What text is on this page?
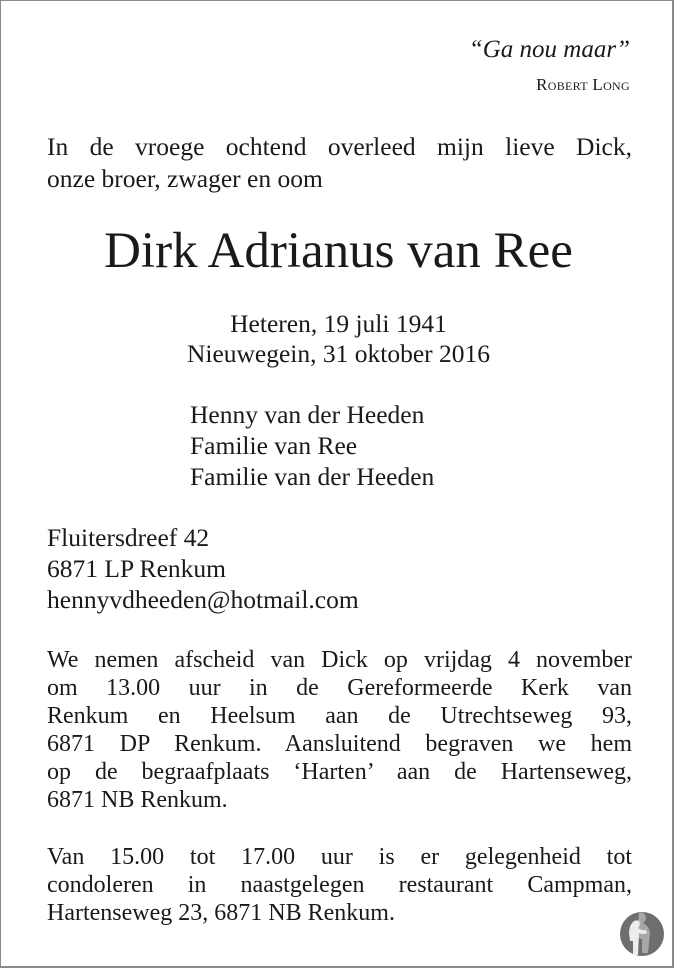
“Ga nou maar”
Robert Long
In de vroege ochtend overleed mijn lieve Dick,
onze broer, zwager en oom
Dirk Adrianus van Ree
Heteren, 19 juli 1941
Nieuwegein, 31 oktober 2016
Henny van der Heeden
Familie van Ree
Familie van der Heeden
Fluitersdreef 42
6871 LP Renkum
hennyvdheeden@hotmail.com
We nemen afscheid van Dick op vrijdag 4 november
om 13.00 uur in de Gereformeerde Kerk van
Renkum en Heelsum aan de Utrechtseweg 93,
6871 DP Renkum. Aansluitend begraven we hem
op de begraafplaats ‘Harten’ aan de Hartenseweg,
6871 NB Renkum.
Van 15.00 tot 17.00 uur is er gelegenheid tot
condoleren in naastgelegen restaurant Campman,
Hartenseweg 23, 6871 NB Renkum.
